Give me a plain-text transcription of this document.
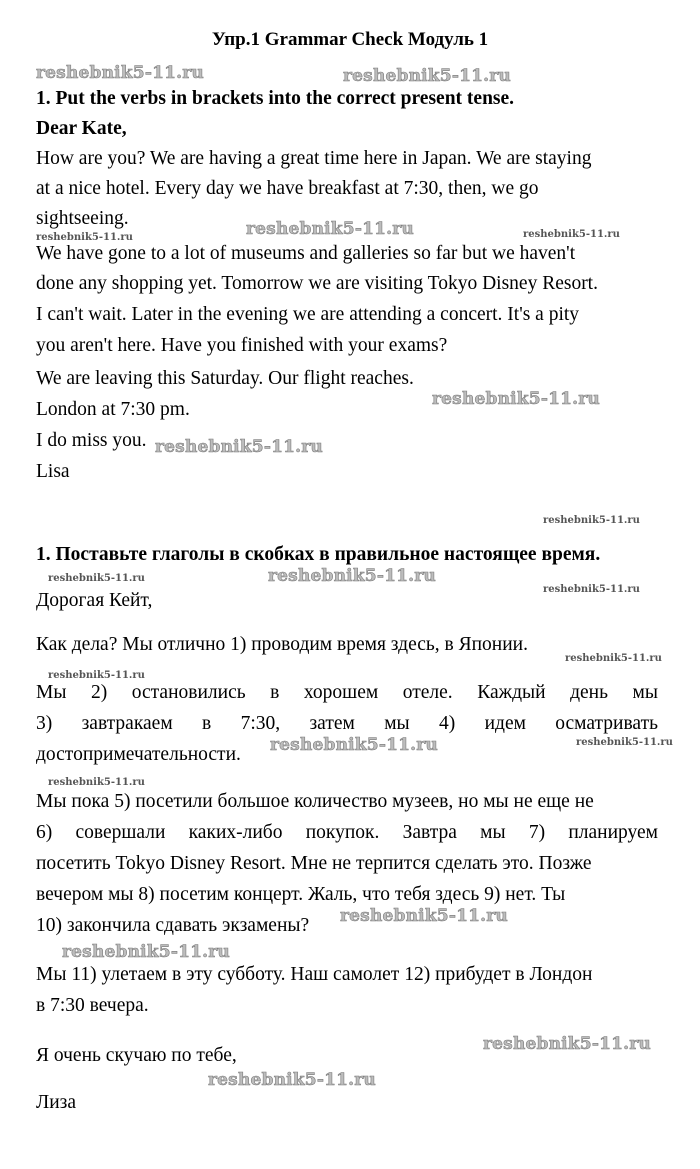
Упр.1 Grammar Check Модуль 1
1. Put the verbs in brackets into the correct present tense.
Dear Kate,
How are you? We are having a great time here in Japan. We are staying
at a nice hotel. Every day we have breakfast at 7:30, then, we go
sightseeing.
We have gone to a lot of museums and galleries so far but we haven't
done any shopping yet. Tomorrow we are visiting Tokyo Disney Resort.
I can't wait. Later in the evening we are attending a concert. It's a pity
you aren't here. Have you finished with your exams?
We are leaving this Saturday. Our flight reaches.
London at 7:30 pm.
I do miss you.
Lisa
1. Поставьте глаголы в скобках в правильное настоящее время.
Дорогая Кейт,
Как дела? Мы отлично 1) проводим время здесь, в Японии.
Мы 2) остановились в хорошем отеле. Каждый день мы
3) завтракаем в 7:30, затем мы 4) идем осматривать
достопримечательности.
Мы пока 5) посетили большое количество музеев, но мы не еще не
6) совершали каких-либо покупок. Завтра мы 7) планируем
посетить Tokyo Disney Resort. Мне не терпится сделать это. Позже
вечером мы 8) посетим концерт. Жаль, что тебя здесь 9) нет. Ты
10) закончила сдавать экзамены?
Мы 11) улетаем в эту субботу. Наш самолет 12) прибудет в Лондон
в 7:30 вечера.
Я очень скучаю по тебе,
Лиза
reshebnik5-11.ru	reshebnik5-11.ru
reshebnik5-11.ru	reshebnik5-11.ru	reshebnik5-11.ru
reshebnik5-11.ru
reshebnik5-11.ru
reshebnik5-11.ru
reshebnik5-11.ru	reshebnik5-11.ru
reshebnik5-11.ru
reshebnik5-11.ru
reshebnik5-11.ru
reshebnik5-11.ru	reshebnik5-11.ru
reshebnik5-11.ru
reshebnik5-11.ru
reshebnik5-11.ru
reshebnik5-11.ru
reshebnik5-11.ru
